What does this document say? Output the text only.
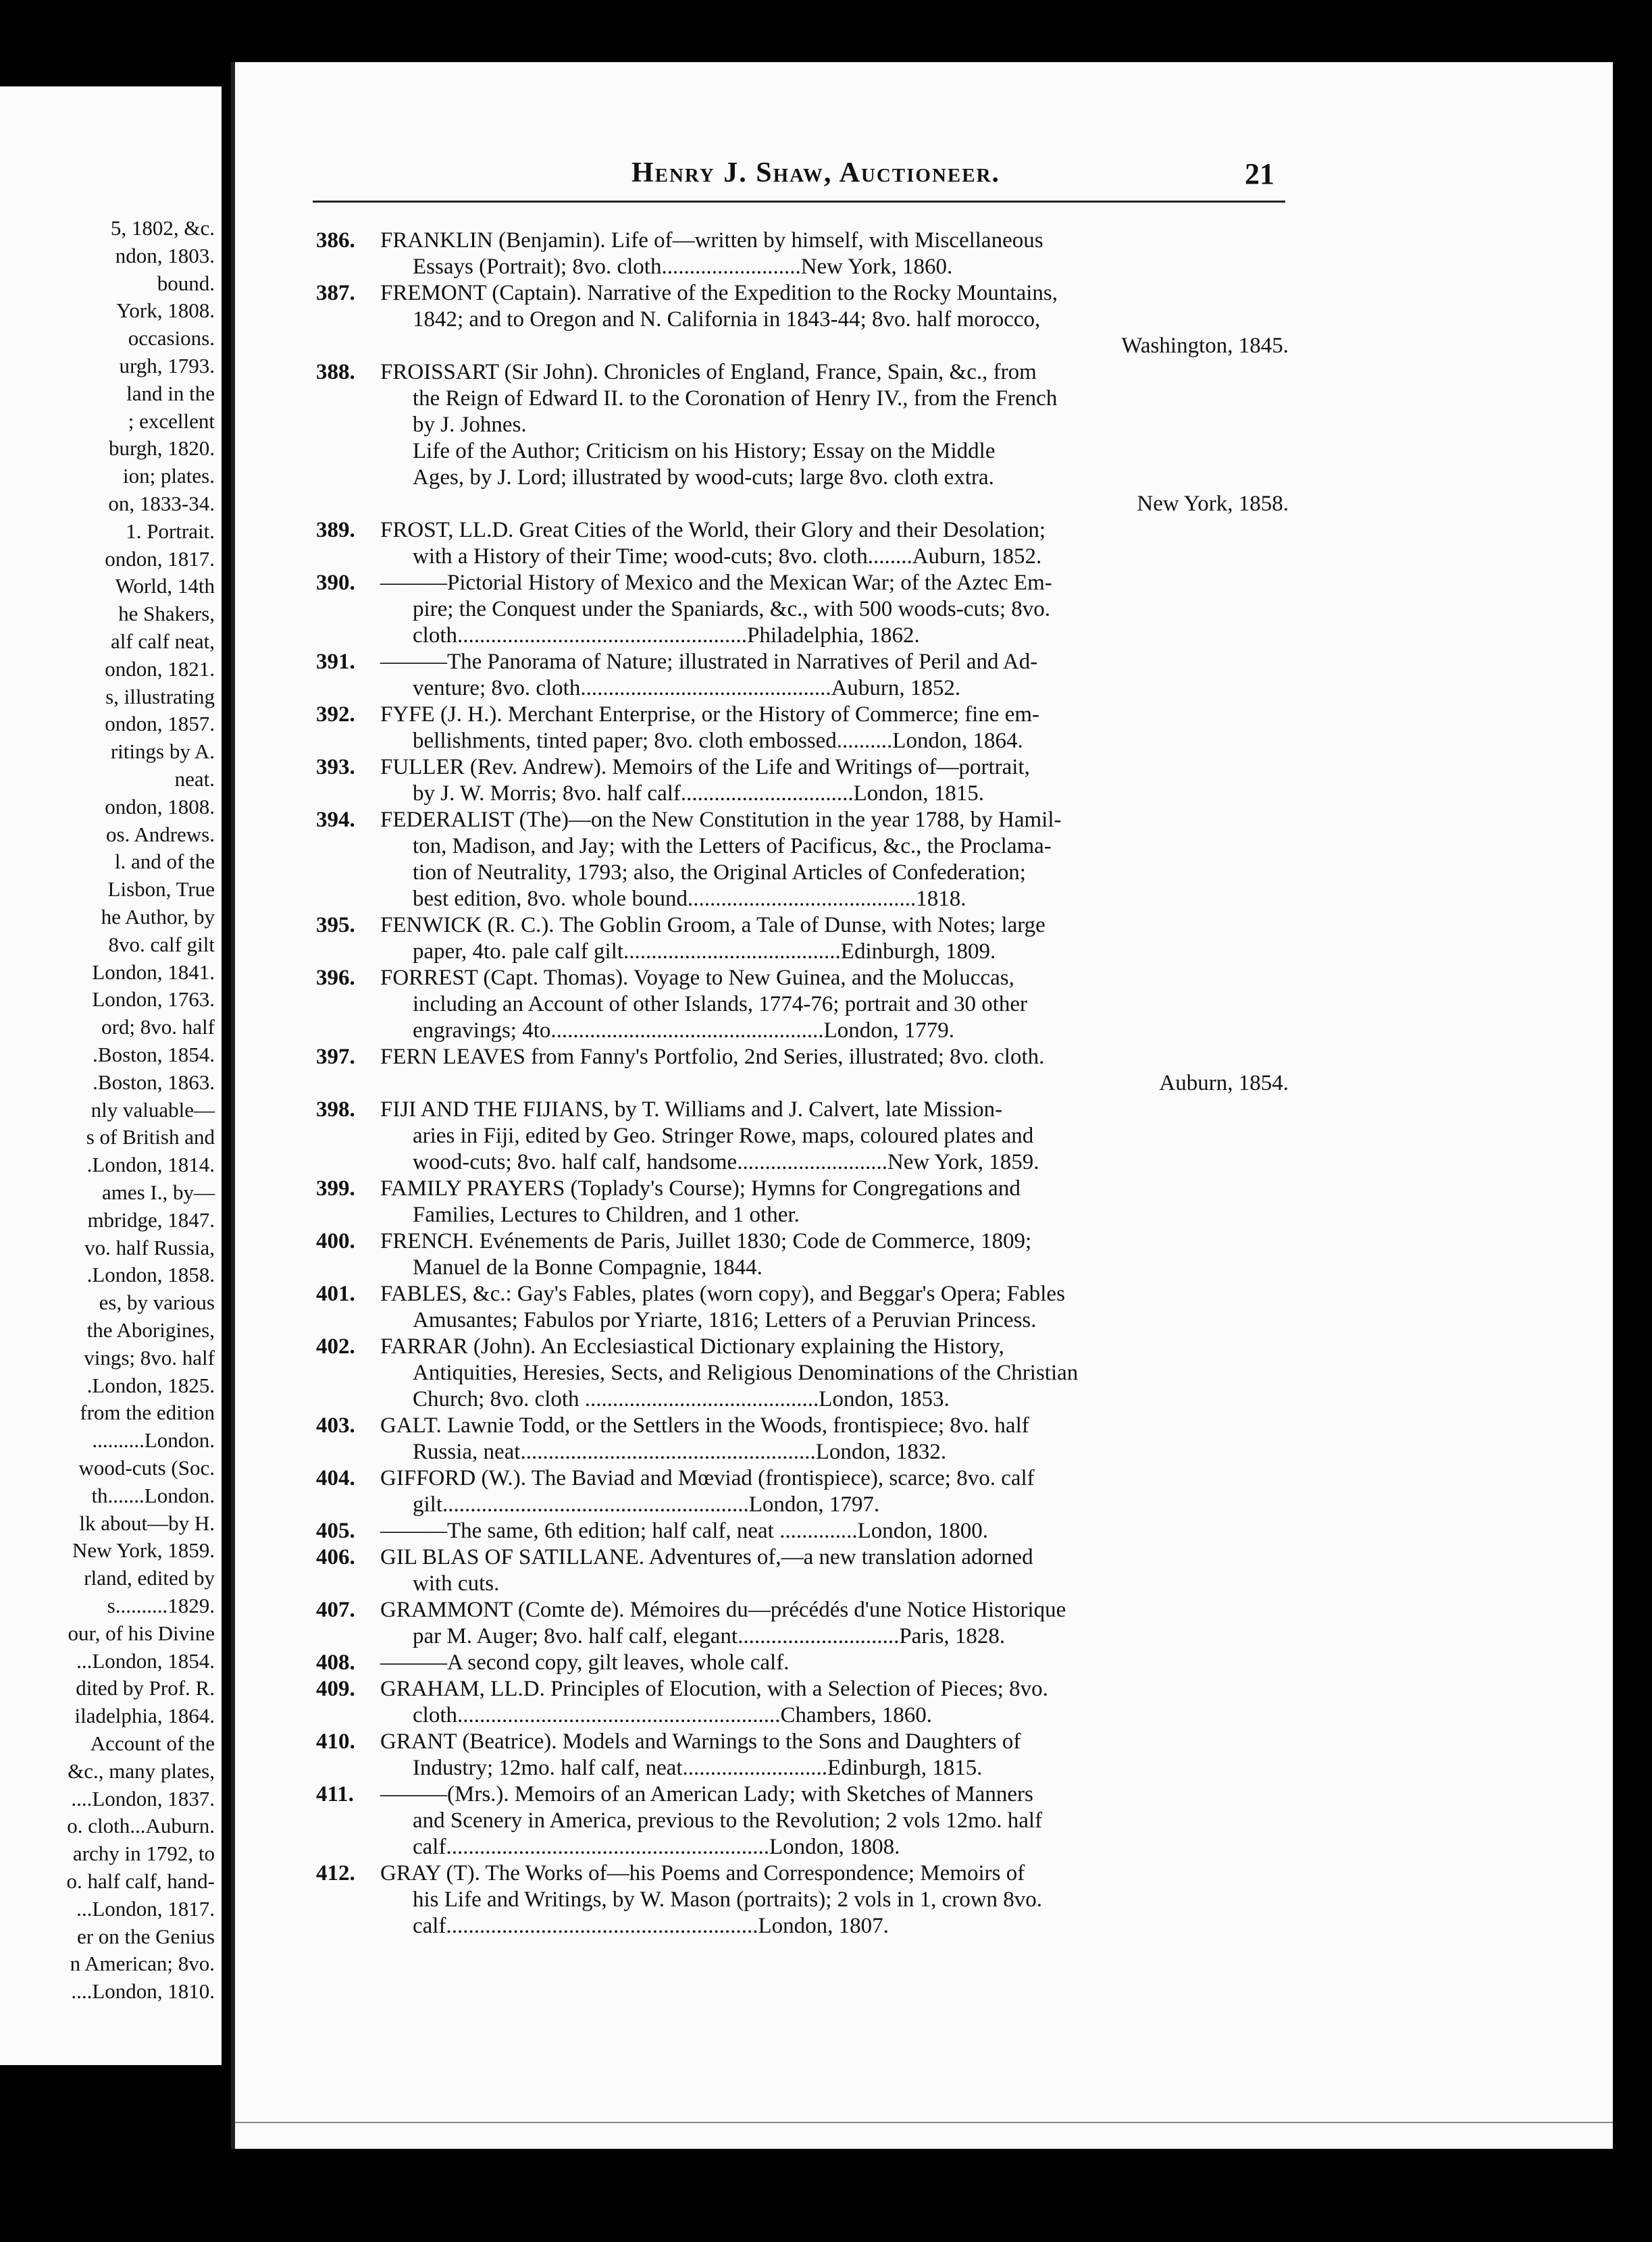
5, 1802, &c.
ndon, 1803.
bound.
York, 1808.
occasions.
urgh, 1793.
land in the
; excellent
burgh, 1820.
ion; plates.
on, 1833-34.
1. Portrait.
ondon, 1817.
World, 14th
he Shakers,
alf calf neat,
ondon, 1821.
s, illustrating
ondon, 1857.
ritings by A.
neat.
ondon, 1808.
os. Andrews.
l. and of the
Lisbon, True
he Author, by
8vo. calf gilt
London, 1841.
London, 1763.
ord; 8vo. half
.Boston, 1854.
.Boston, 1863.
nly valuable—
s of British and
.London, 1814.
ames I., by—
mbridge, 1847.
vo. half Russia,
.London, 1858.
es, by various
the Aborigines,
vings; 8vo. half
.London, 1825.
from the edition
..........London.
wood-cuts (Soc.
th.......London.
lk about—by H.
New York, 1859.
rland, edited by
s..........1829.
our, of his Divine
...London, 1854.
dited by Prof. R.
iladelphia, 1864.
Account of the
&c., many plates,
....London, 1837.
o. cloth...Auburn.
archy in 1792, to
o. half calf, hand-
...London, 1817.
er on the Genius
n American; 8vo.
....London, 1810.
Henry J. Shaw, Auctioneer.	21
386. FRANKLIN (Benjamin). Life of—written by himself, with Miscellaneous
Essays (Portrait); 8vo. cloth.........................New York, 1860.
387. FREMONT (Captain). Narrative of the Expedition to the Rocky Mountains,
1842; and to Oregon and N. California in 1843-44; 8vo. half morocco,
Washington, 1845.
388. FROISSART (Sir John). Chronicles of England, France, Spain, &c., from
the Reign of Edward II. to the Coronation of Henry IV., from the French
by J. Johnes.
Life of the Author; Criticism on his History; Essay on the Middle
Ages, by J. Lord; illustrated by wood-cuts; large 8vo. cloth extra.
New York, 1858.
389. FROST, LL.D. Great Cities of the World, their Glory and their Desolation;
with a History of their Time; wood-cuts; 8vo. cloth........Auburn, 1852.
390. ———Pictorial History of Mexico and the Mexican War; of the Aztec Em-
pire; the Conquest under the Spaniards, &c., with 500 woods-cuts; 8vo.
cloth....................................................Philadelphia, 1862.
391. ———The Panorama of Nature; illustrated in Narratives of Peril and Ad-
venture; 8vo. cloth.............................................Auburn, 1852.
392. FYFE (J. H.). Merchant Enterprise, or the History of Commerce; fine em-
bellishments, tinted paper; 8vo. cloth embossed..........London, 1864.
393. FULLER (Rev. Andrew). Memoirs of the Life and Writings of—portrait,
by J. W. Morris; 8vo. half calf...............................London, 1815.
394. FEDERALIST (The)—on the New Constitution in the year 1788, by Hamil-
ton, Madison, and Jay; with the Letters of Pacificus, &c., the Proclama-
tion of Neutrality, 1793; also, the Original Articles of Confederation;
best edition, 8vo. whole bound.........................................1818.
395. FENWICK (R. C.). The Goblin Groom, a Tale of Dunse, with Notes; large
paper, 4to. pale calf gilt.......................................Edinburgh, 1809.
396. FORREST (Capt. Thomas). Voyage to New Guinea, and the Moluccas,
including an Account of other Islands, 1774-76; portrait and 30 other
engravings; 4to.................................................London, 1779.
397. FERN LEAVES from Fanny's Portfolio, 2nd Series, illustrated; 8vo. cloth.
Auburn, 1854.
398. FIJI AND THE FIJIANS, by T. Williams and J. Calvert, late Mission-
aries in Fiji, edited by Geo. Stringer Rowe, maps, coloured plates and
wood-cuts; 8vo. half calf, handsome...........................New York, 1859.
399. FAMILY PRAYERS (Toplady's Course); Hymns for Congregations and
Families, Lectures to Children, and 1 other.
400. FRENCH. Evénements de Paris, Juillet 1830; Code de Commerce, 1809;
Manuel de la Bonne Compagnie, 1844.
401. FABLES, &c.: Gay's Fables, plates (worn copy), and Beggar's Opera; Fables
Amusantes; Fabulos por Yriarte, 1816; Letters of a Peruvian Princess.
402. FARRAR (John). An Ecclesiastical Dictionary explaining the History,
Antiquities, Heresies, Sects, and Religious Denominations of the Christian
Church; 8vo. cloth ..........................................London, 1853.
403. GALT. Lawnie Todd, or the Settlers in the Woods, frontispiece; 8vo. half
Russia, neat.....................................................London, 1832.
404. GIFFORD (W.). The Baviad and Mœviad (frontispiece), scarce; 8vo. calf
gilt.......................................................London, 1797.
405. ———The same, 6th edition; half calf, neat ..............London, 1800.
406. GIL BLAS OF SATILLANE. Adventures of,—a new translation adorned
with cuts.
407. GRAMMONT (Comte de). Mémoires du—précédés d'une Notice Historique
par M. Auger; 8vo. half calf, elegant.............................Paris, 1828.
408. ———A second copy, gilt leaves, whole calf.
409. GRAHAM, LL.D. Principles of Elocution, with a Selection of Pieces; 8vo.
cloth..........................................................Chambers, 1860.
410. GRANT (Beatrice). Models and Warnings to the Sons and Daughters of
Industry; 12mo. half calf, neat..........................Edinburgh, 1815.
411. ———(Mrs.). Memoirs of an American Lady; with Sketches of Manners
and Scenery in America, previous to the Revolution; 2 vols 12mo. half
calf..........................................................London, 1808.
412. GRAY (T). The Works of—his Poems and Correspondence; Memoirs of
his Life and Writings, by W. Mason (portraits); 2 vols in 1, crown 8vo.
calf........................................................London, 1807.
